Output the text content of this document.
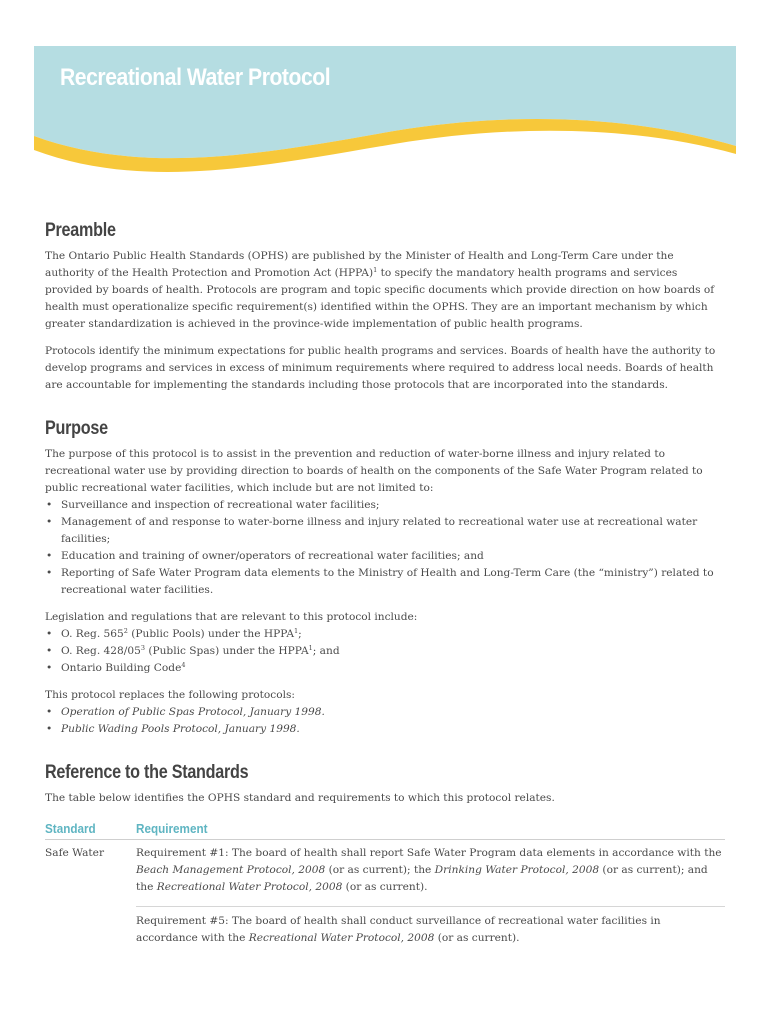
Recreational Water Protocol
Preamble

The Ontario Public Health Standards (OPHS) are published by the Minister of Health and Long-Term Care under the authority of the Health Protection and Promotion Act (HPPA)$^1$ to specify the mandatory health programs and services provided by boards of health. Protocols are program and topic specific documents which provide direction on how boards of health must operationalize specific requirement(s) identified within the OPHS. They are an important mechanism by which greater standardization is achieved in the province-wide implementation of public health programs.

Protocols identify the minimum expectations for public health programs and services. Boards of health have the authority to develop programs and services in excess of minimum requirements where required to address local needs. Boards of health are accountable for implementing the standards including those protocols that are incorporated into the standards.

Purpose

The purpose of this protocol is to assist in the prevention and reduction of water-borne illness and injury related to recreational water use by providing direction to boards of health on the components of the Safe Water Program related to public recreational water facilities, which include but are not limited to:

• Surveillance and inspection of recreational water facilities;
• Management of and response to water-borne illness and injury related to recreational water use at recreational water facilities;
• Education and training of owner/operators of recreational water facilities; and
• Reporting of Safe Water Program data elements to the Ministry of Health and Long-Term Care (the “ministry”) related to recreational water facilities.

Legislation and regulations that are relevant to this protocol include:

• O. Reg. $565^2$ (Public Pools) under the HPPA$^1$;
• O. Reg. $428/05^3$ (Public Spas) under the HPPA$^1$; and
• Ontario Building Code$^4$

This protocol replaces the following protocols:

• Operation of Public Spas Protocol, January 1998.
• Public Wading Pools Protocol, January 1998.
Reference to the Standards

The table below identifies the OPHS standard and requirements to which this protocol relates.

Standard	Requirement
Safe Water	Requirement #1: The board of health shall report Safe Water Program data elements in accordance with the Beach Management Protocol, 2008 (or as current); the Drinking Water Protocol, 2008 (or as current); and the Recreational Water Protocol, 2008 (or as current).
Requirement #5: The board of health shall conduct surveillance of recreational water facilities in accordance with the Recreational Water Protocol, 2008 (or as current).
